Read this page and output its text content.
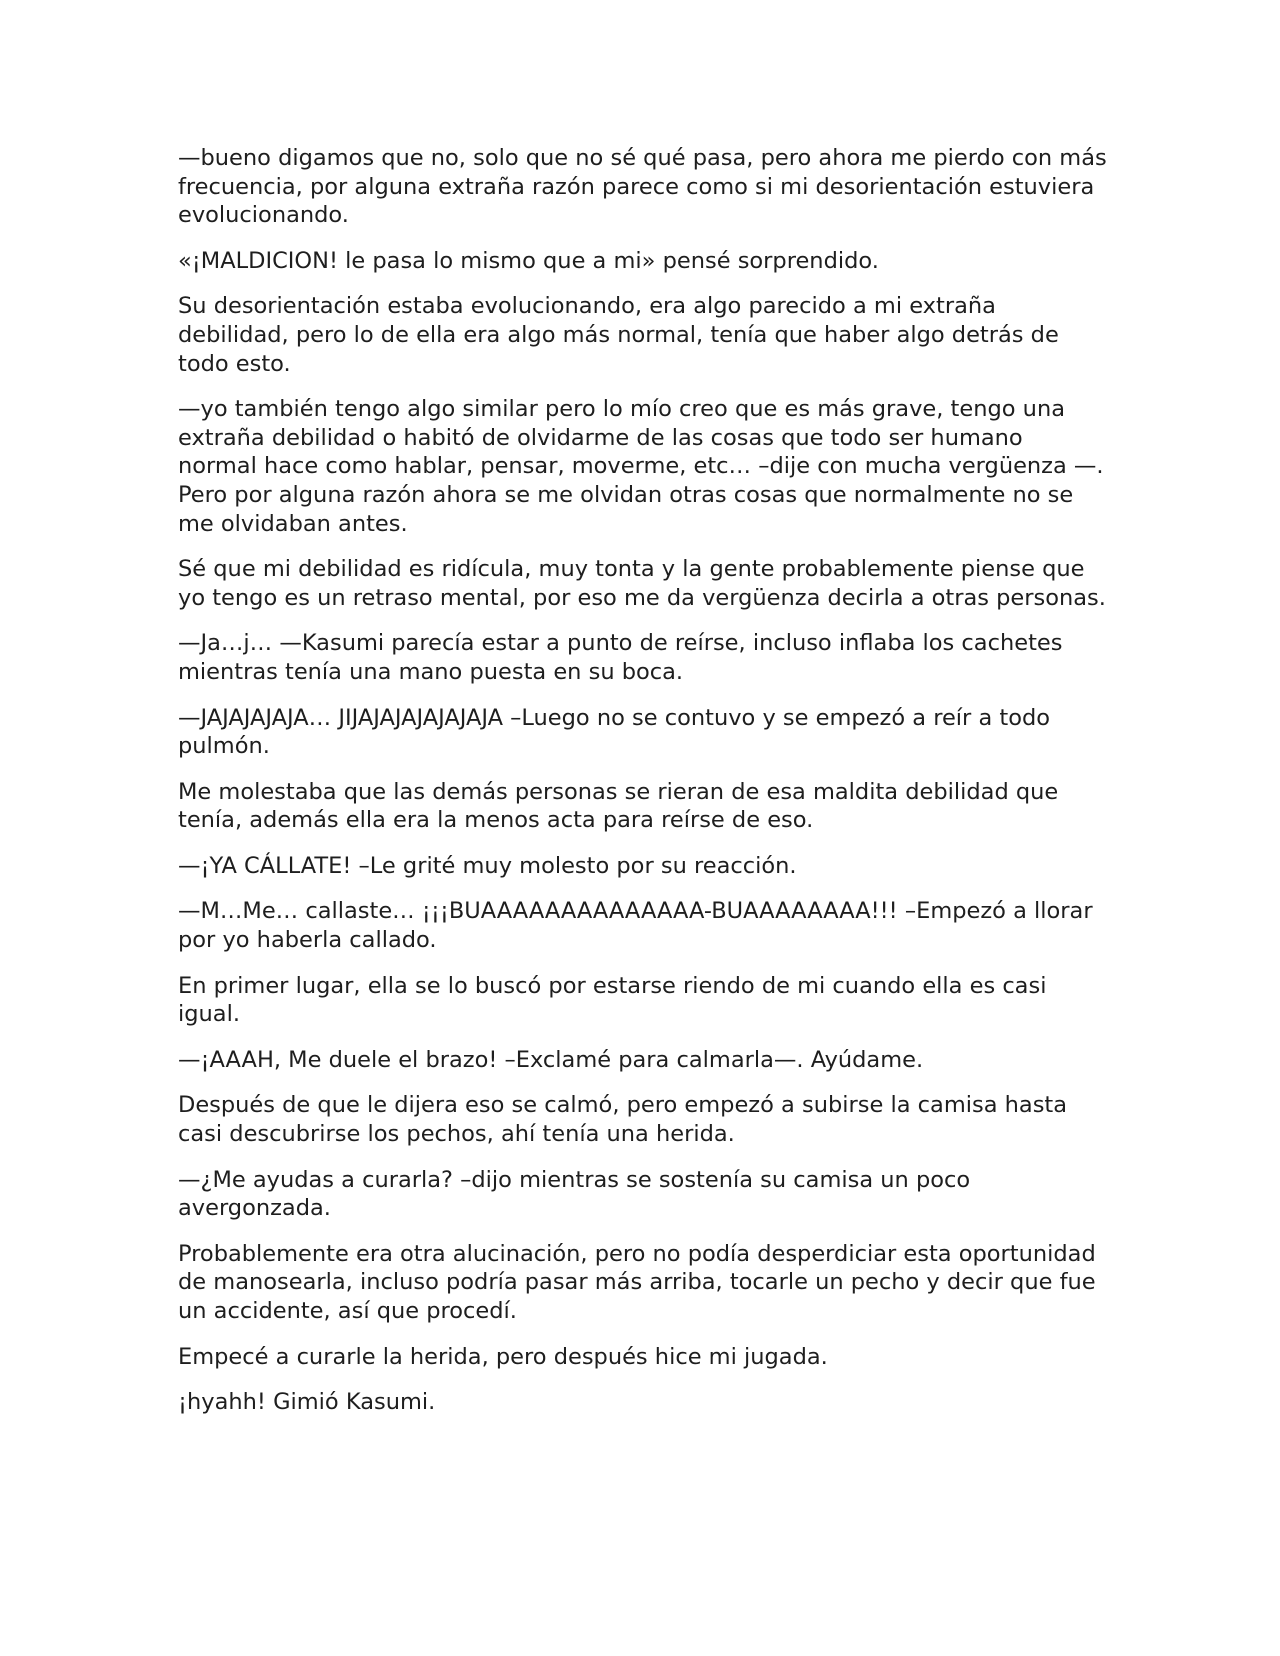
—bueno digamos que no, solo que no sé qué pasa, pero ahora me pierdo con más frecuencia, por alguna extraña razón parece como si mi desorientación estuviera evolucionando.

«¡MALDICION! le pasa lo mismo que a mi» pensé sorprendido.

Su desorientación estaba evolucionando, era algo parecido a mi extraña debilidad, pero lo de ella era algo más normal, tenía que haber algo detrás de todo esto.

—yo también tengo algo similar pero lo mío creo que es más grave, tengo una extraña debilidad o habitó de olvidarme de las cosas que todo ser humano normal hace como hablar, pensar, moverme, etc… –dije con mucha vergüenza —. Pero por alguna razón ahora se me olvidan otras cosas que normalmente no se me olvidaban antes.

Sé que mi debilidad es ridícula, muy tonta y la gente probablemente piense que yo tengo es un retraso mental, por eso me da vergüenza decirla a otras personas.

—Ja…j… —Kasumi parecía estar a punto de reírse, incluso inflaba los cachetes mientras tenía una mano puesta en su boca.

—JAJAJAJAJA… JIJAJAJAJAJAJAJA –Luego no se contuvo y se empezó a reír a todo pulmón.

Me molestaba que las demás personas se rieran de esa maldita debilidad que tenía, además ella era la menos acta para reírse de eso.

—¡YA CÁLLATE! –Le grité muy molesto por su reacción.

—M…Me… callaste… ¡¡¡BUAAAAAAAAAAAAAA-BUAAAAAAAA!!! –Empezó a llorar por yo haberla callado.

En primer lugar, ella se lo buscó por estarse riendo de mi cuando ella es casi igual.

—¡AAAH, Me duele el brazo! –Exclamé para calmarla—. Ayúdame.

Después de que le dijera eso se calmó, pero empezó a subirse la camisa hasta casi descubrirse los pechos, ahí tenía una herida.

—¿Me ayudas a curarla? –dijo mientras se sostenía su camisa un poco avergonzada.

Probablemente era otra alucinación, pero no podía desperdiciar esta oportunidad de manosearla, incluso podría pasar más arriba, tocarle un pecho y decir que fue un accidente, así que procedí.

Empecé a curarle la herida, pero después hice mi jugada.

¡hyahh! Gimió Kasumi.
